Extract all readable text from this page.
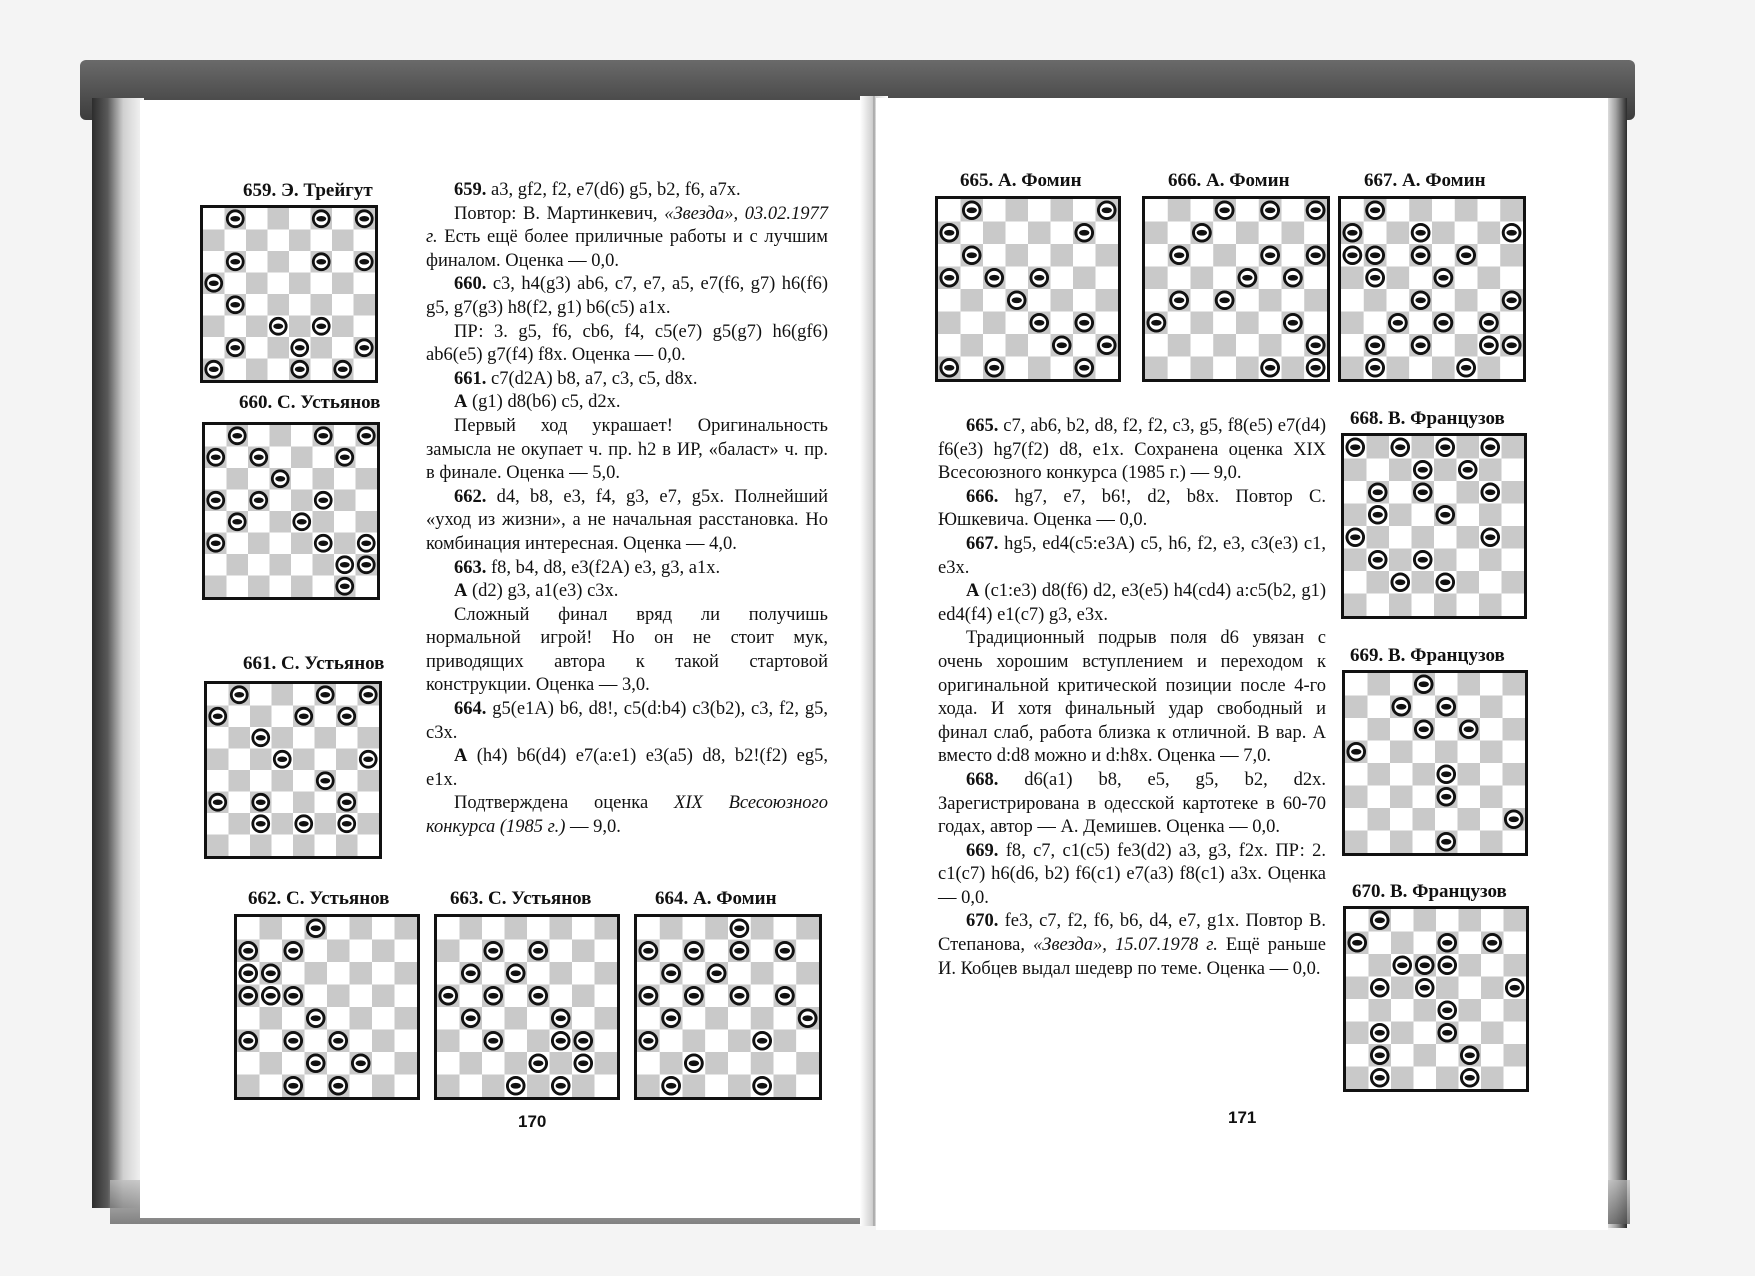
659. Э. Трейгут
660. С. Устьянов
661. С. Устьянов
662. С. Устьянов	663. С. Устьянов	664. А. Фомин

659. a3, gf2, f2, e7(d6) g5, b2, f6, a7x.

Повтор: В. Мартинкевич, «Звезда», 03.02.1977 г. Есть ещё более приличные работы и с лучшим финалом. Оценка — 0,0.

660. c3, h4(g3) ab6, c7, e7, a5, e7(f6, g7) h6(f6) g5, g7(g3) h8(f2, g1) b6(c5) a1x.

ПР: 3. g5, f6, cb6, f4, c5(e7) g5(g7) h6(gf6) ab6(e5) g7(f4) f8x. Оценка — 0,0.

661. c7(d2A) b8, a7, c3, c5, d8x.

A (g1) d8(b6) c5, d2x.

Первый ход украшает! Оригинальность замысла не окупает ч. пр. h2 в ИР, «баласт» ч. пр. в финале. Оценка — 5,0.

662. d4, b8, e3, f4, g3, e7, g5x. Полнейший «уход из жизни», а не начальная расстановка. Но комбинация интересная. Оценка — 4,0.

663. f8, b4, d8, e3(f2A) e3, g3, a1x.

A (d2) g3, a1(e3) c3x.

Сложный финал вряд ли получишь нормальной игрой! Но он не стоит мук, приводящих автора к такой стартовой конструкции. Оценка — 3,0.

664. g5(e1A) b6, d8!, c5(d:b4) c3(b2), c3, f2, g5, c3x.

A (h4) b6(d4) e7(a:e1) e3(a5) d8, b2!(f2) eg5, e1x.

Подтверждена оценка XIX Всесоюзного конкурса (1985 г.) — 9,0.

170
665. А. Фомин	666. А. Фомин	667. А. Фомин
668. В. Французов
669. В. Французов
670. В. Французов

665. c7, ab6, b2, d8, f2, f2, c3, g5, f8(e5) e7(d4) f6(e3) hg7(f2) d8, e1x. Сохранена оценка XIX Всесоюзного конкурса (1985 г.) — 9,0.

666. hg7, e7, b6!, d2, b8x. Повтор С. Юшкевича. Оценка — 0,0.

667. hg5, ed4(c5:e3A) c5, h6, f2, e3, c3(e3) c1, e3x.

A (c1:e3) d8(f6) d2, e3(e5) h4(cd4) a:c5(b2, g1) ed4(f4) e1(c7) g3, e3x.

Традиционный подрыв поля d6 увязан с очень хорошим вступлением и переходом к оригинальной критической позиции после 4-го хода. И хотя финальный удар свободный и финал слаб, работа близка к отличной. В вар. А вместо d:d8 можно и d:h8x. Оценка — 7,0.

668. d6(a1) b8, e5, g5, b2, d2x. Зарегистрирована в одесской картотеке в 60-70 годах, автор — А. Демишев. Оценка — 0,0.

669. f8, c7, c1(c5) fe3(d2) a3, g3, f2x. ПР: 2. c1(c7) h6(d6, b2) f6(c1) e7(a3) f8(c1) a3x. Оценка — 0,0.

670. fe3, c7, f2, f6, b6, d4, e7, g1x. Повтор В. Степанова, «Звезда», 15.07.1978 г. Ещё раньше И. Кобцев выдал шедевр по теме. Оценка — 0,0.

171
